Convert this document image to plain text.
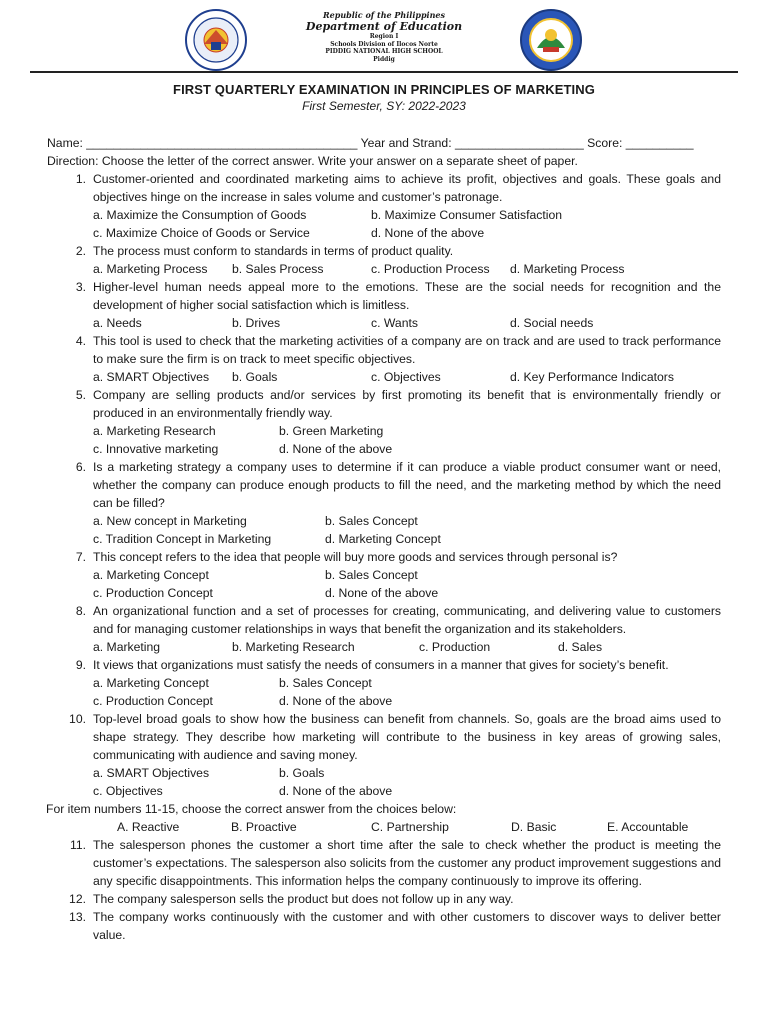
Republic of the Philippines
Department of Education
Region I
Schools Division of Ilocos Norte
PIDDIG NATIONAL HIGH SCHOOL
Piddig
FIRST QUARTERLY EXAMINATION IN PRINCIPLES OF MARKETING
First Semester, SY: 2022-2023
Name: ________________________________________ Year and Strand: ___________________ Score: __________
Direction: Choose the letter of the correct answer. Write your answer on a separate sheet of paper.
1. Customer-oriented and coordinated marketing aims to achieve its profit, objectives and goals. These goals and objectives hinge on the increase in sales volume and customer’s patronage.
a. Maximize the Consumption of Goods	b. Maximize Consumer Satisfaction
c. Maximize Choice of Goods or Service	d. None of the above
2. The process must conform to standards in terms of product quality.
a. Marketing Process	b. Sales Process	c. Production Process	d. Marketing Process
3. Higher-level human needs appeal more to the emotions. These are the social needs for recognition and the development of higher social satisfaction which is limitless.
a. Needs	b. Drives	c. Wants	d. Social needs
4. This tool is used to check that the marketing activities of a company are on track and are used to track performance to make sure the firm is on track to meet specific objectives.
a. SMART Objectives	b. Goals	c. Objectives	d. Key Performance Indicators
5. Company are selling products and/or services by first promoting its benefit that is environmentally friendly or produced in an environmentally friendly way.
a. Marketing Research	b. Green Marketing
c. Innovative marketing	d. None of the above
6. Is a marketing strategy a company uses to determine if it can produce a viable product consumer want or need, whether the company can produce enough products to fill the need, and the marketing method by which the need can be filled?
a. New concept in Marketing	b. Sales Concept
c. Tradition Concept in Marketing	d. Marketing Concept
7. This concept refers to the idea that people will buy more goods and services through personal is?
a. Marketing Concept	b. Sales Concept
c. Production Concept	d. None of the above
8. An organizational function and a set of processes for creating, communicating, and delivering value to customers and for managing customer relationships in ways that benefit the organization and its stakeholders.
a. Marketing	b. Marketing Research	c. Production	d. Sales
9. It views that organizations must satisfy the needs of consumers in a manner that gives for society’s benefit.
a. Marketing Concept	b. Sales Concept
c. Production Concept	d. None of the above
10. Top-level broad goals to show how the business can benefit from channels. So, goals are the broad aims used to shape strategy. They describe how marketing will contribute to the business in key areas of growing sales, communicating with audience and saving money.
a. SMART Objectives	b. Goals
c. Objectives	d. None of the above
For item numbers 11-15, choose the correct answer from the choices below:
A. Reactive	B. Proactive	C. Partnership	D. Basic	E. Accountable
11. The salesperson phones the customer a short time after the sale to check whether the product is meeting the customer’s expectations. The salesperson also solicits from the customer any product improvement suggestions and any specific disappointments. This information helps the company continuously to improve its offering.
12. The company salesperson sells the product but does not follow up in any way.
13. The company works continuously with the customer and with other customers to discover ways to deliver better value.
